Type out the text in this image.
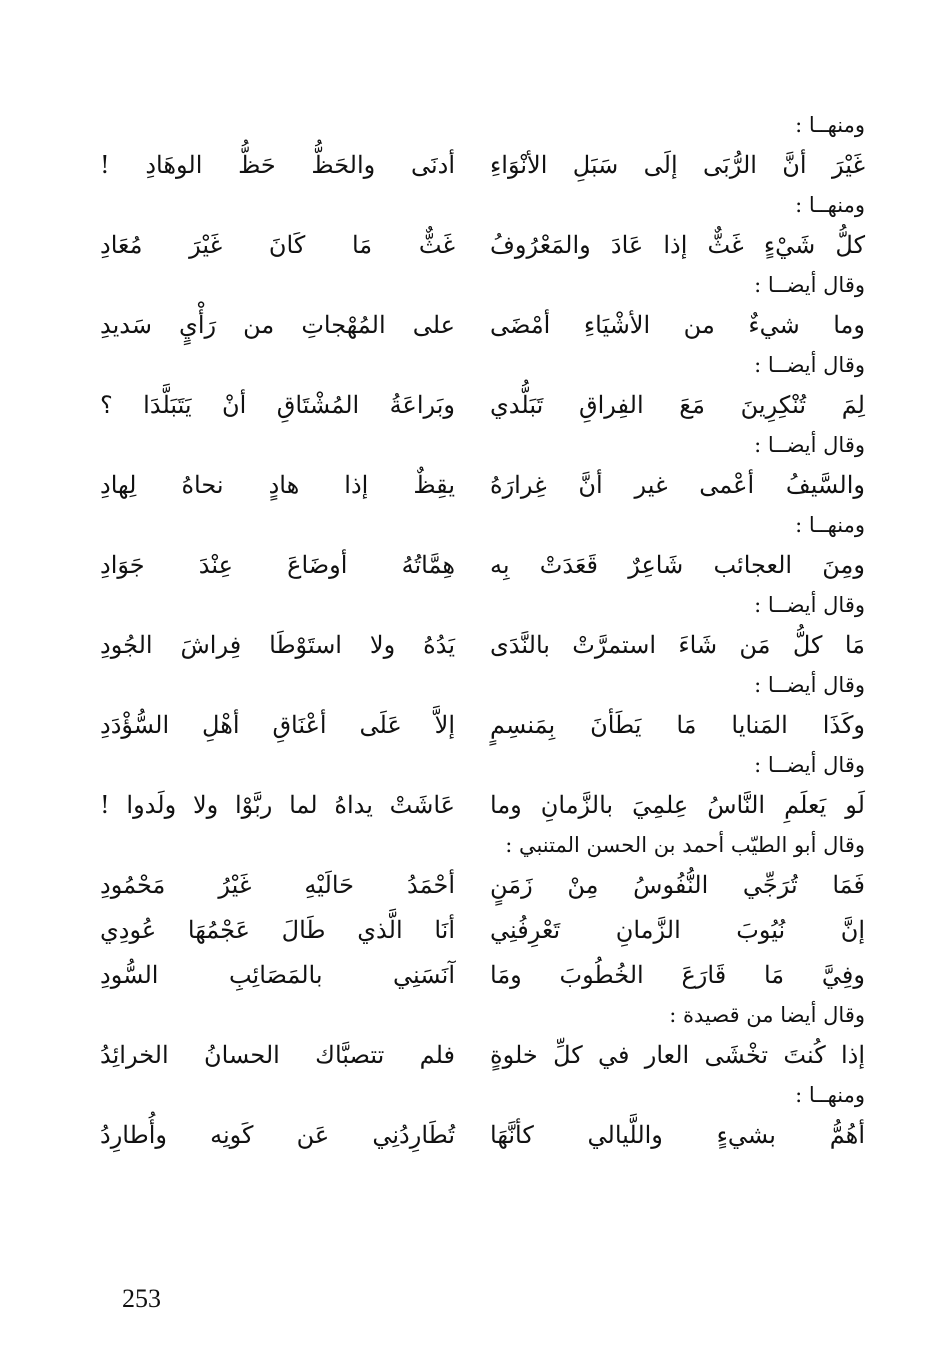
ومنهــا :
غَيْرَ أنَّ الرُّبَى إلَى سَبَلِ الأنْوَاءِ
أدنَى والحَظُّ حَظُّ الوهَادِ !
ومنهــا :
كلُّ شَيْءٍ غَثٌّ إذا عَادَ والمَعْرُوفُ
غَثٌّ مَا كَانَ غَيْرَ مُعَادِ
وقال أيضــا :
وما شيءٌ من الأشْيَاءِ أمْضَى
على المُهْجاتِ من رَأْيٍ سَديدِ
وقال أيضــا :
لِمَ تُنْكِرِينَ مَعَ الفِراقِ تَبَلُّدي
وبَراعَةُ المُشْتَاقِ أنْ يَتَبَلَّدَا ؟
وقال أيضــا :
والسَّيفُ أعْمى غير أنَّ غِرارَهُ
يقِظٌ إذا هادٍ نحاهُ لِهادِ
ومنهــا :
ومِنَ العجائب شَاعِرٌ قَعَدَتْ بِه
هِمَّاتُهُ أوضَاعَ عِنْدَ جَوَادِ
وقال أيضــا :
مَا كلُّ مَن شَاءَ استمرَّتْ بالنَّدَى
يَدُهُ ولا استَوْطَا فِراشَ الجُودِ
وقال أيضــا :
وكَذَا المَنايا مَا يَطَأنَ بِمَنسِمٍ
إلاَّ عَلَى أعْنَاقِ أهْلِ السُّؤْدَدِ
وقال أيضــا :
لَو يَعلَمِ النَّاسُ عِلمِيَ بالزَّمانِ وما
عَاشَتْ يداهُ لما ربَّوْا ولا ولَدوا !
وقال أبو الطيّب أحمد بن الحسن المتنبي :
فَمَا تُرَجِّي النُّفُوسُ مِنْ زَمَنٍ
أحْمَدُ حَالَيْهِ غَيْرُ مَحْمُودِ
إنَّ نُيُوبَ الزَّمانِ تَعْرِفُنِي
أنَا الَّذي طَالَ عَجْمُهَا عُودِي
وفِيَّ مَا قَارَعَ الخُطُوبَ ومَا
آنَسَنِي بالمَصَائِبِ السُّودِ
وقال أيضا من قصيدة :
إذا كُنتَ تخْشَى العار في كلِّ خلوةٍ
فلم تتصبَّاك الحسانُ الخرائِدُ
ومنهــا :
أهُمُّ بشيءٍ واللَّيالي كأنَّهَا
تُطَارِدُنِي عَن كَونِه وأُطارِدُ
253
